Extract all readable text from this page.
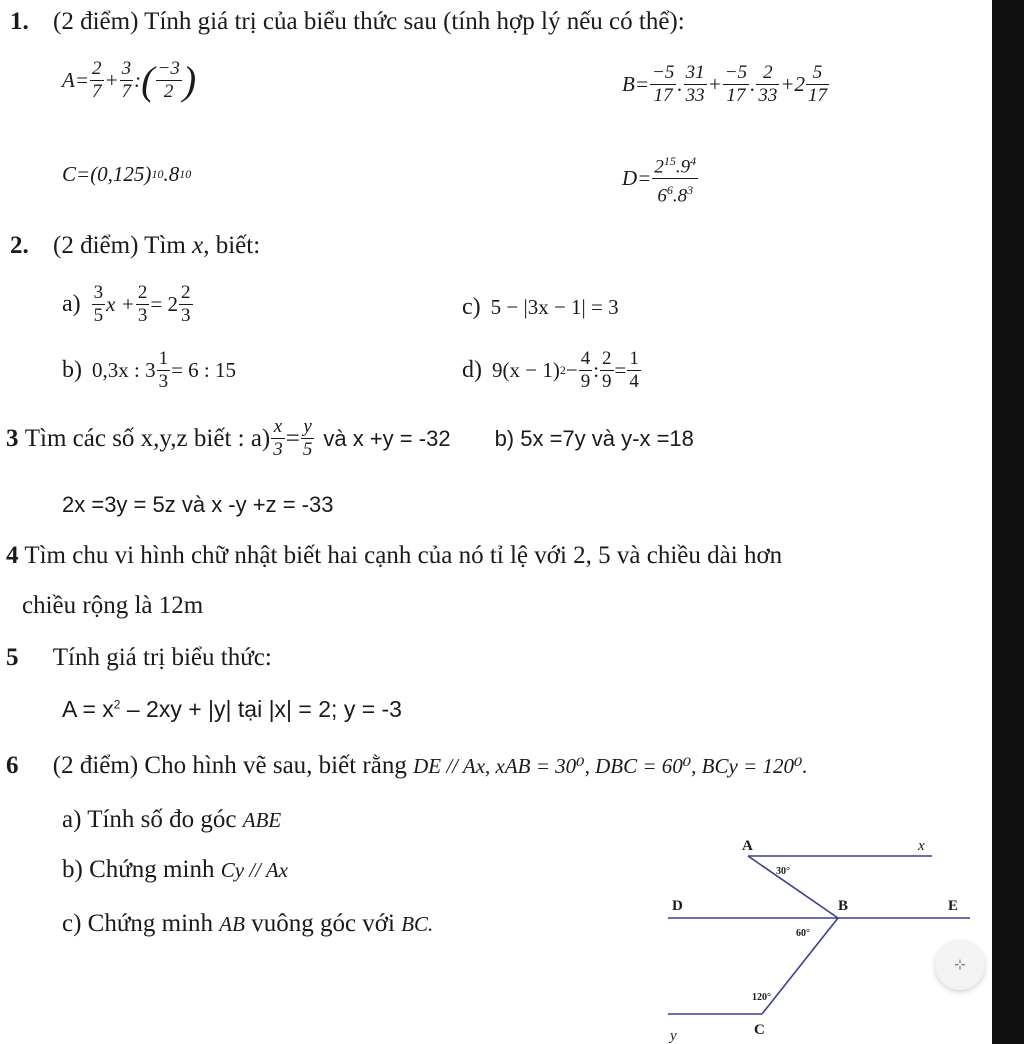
1. (2 điểm) Tính giá trị của biểu thức sau (tính hợp lý nếu có thể):
$A = \frac{2}{7} + \frac{3}{7}$ : ( $\frac{-3}{2}$ )	$B = \frac{-5}{17}$ . $\frac{31}{33} + \frac{-5}{17}$ . $\frac{2}{33} +2 \frac{5}{17}$
C = (0,125) 10 .8 10	$D = \frac{2^{15}.9^4}{6^6.8^3}$
2. (2 điểm) Tìm x, biết:
$a) \frac{3}{5}$ $x + \frac{2}{3} = 2 \frac{2}{3}$
b) 0,3x : $3 \frac{1}{3} = 6$ : 15
c) 5 − |3x − 1| = 3
d) 9(x − 1) $2 - \frac{4}{9}$ : $\frac{2}{9} = \frac{1}{4}$
3
Tìm các số x,y,z biết : $a) \frac{x}{3} = \frac{y}{5}$ và x +y = -32 b) 5x =7y và y-x =18
2x =3y = 5z và x -y +z = -33
4 Tìm chu vi hình chữ nhật biết hai cạnh của nó tỉ lệ với 2, 5 và chiều dài hơn
chiều rộng là 12m
5 Tính giá trị biểu thức:
$A = x^2 - 2xy + |y|$ tại |x| = 2; y = -3
6 (2 điểm) Cho hình vẽ sau, biết rằng DE // Ax, xAB = 30⁰, DBC = 60⁰, BCy = 120⁰.
a) Tính số đo góc ABE
b) Chứng minh Cy // Ax
c) Chứng minh AB vuông góc với BC.
A	x
D	B	E
y	C
30°
60°
120°
⊹
